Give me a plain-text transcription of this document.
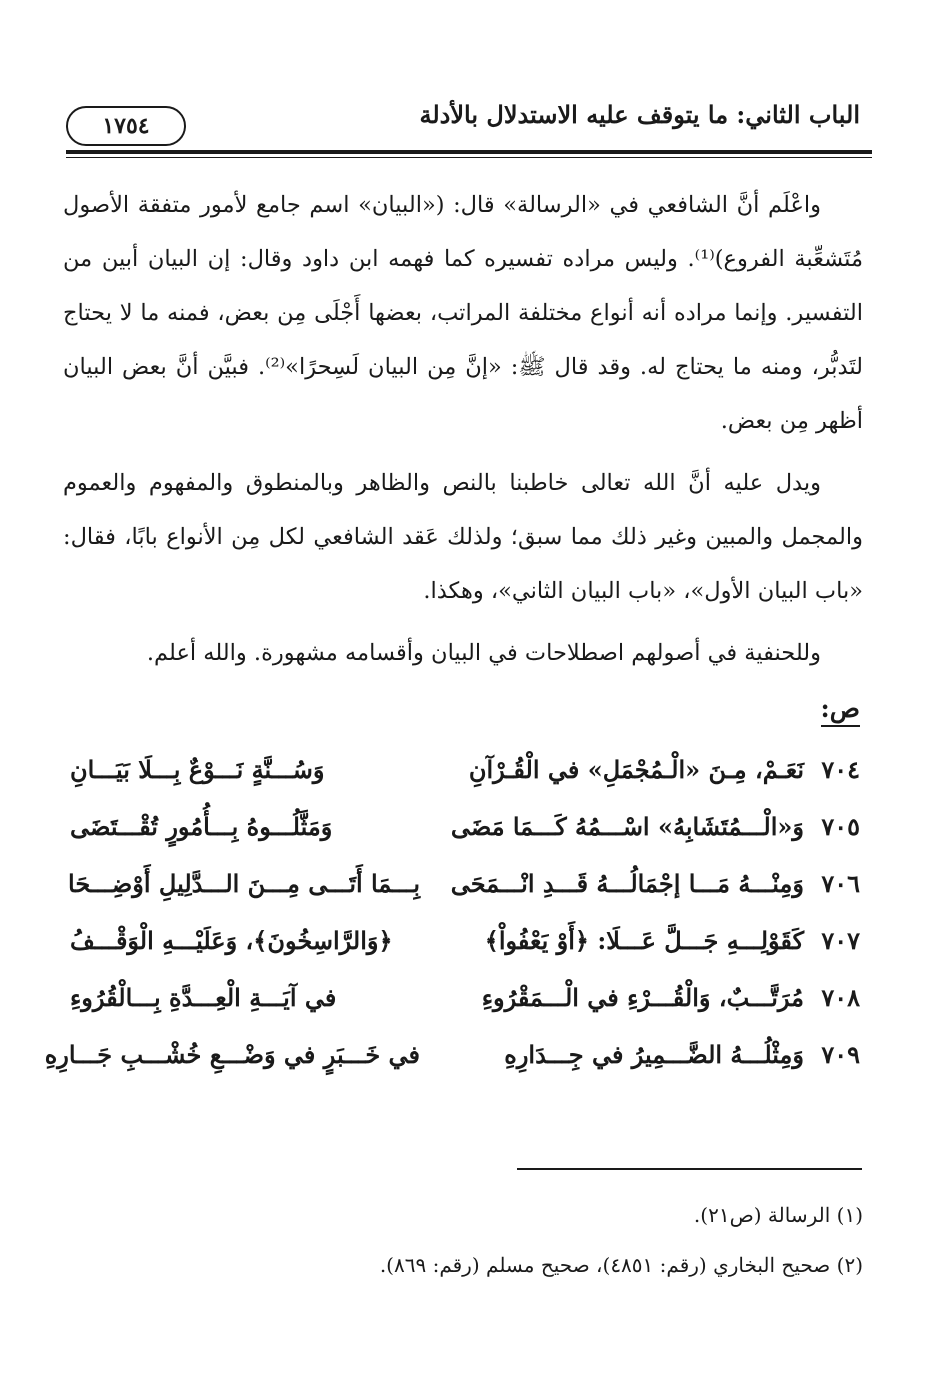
الباب الثاني: ما يتوقف عليه الاستدلال بالأدلة
١٧٥٤

واعْلَم أنَّ الشافعي في «الرسالة» قال: («البيان» اسم جامع لأمور متفقة الأصول مُتَشعِّبة الفروع)⁽¹⁾. وليس مراده تفسيره كما فهمه ابن داود وقال: إن البيان أبين من التفسير. وإنما مراده أنه أنواع مختلفة المراتب، بعضها أَجْلَى مِن بعض، فمنه ما لا يحتاج لتَدبُّر، ومنه ما يحتاج له. وقد قال ﷺ: «إنَّ مِن البيان لَسِحرًا»⁽²⁾. فبيَّن أنَّ بعض البيان أظهر مِن بعض.

ويدل عليه أنَّ الله تعالى خاطبنا بالنص والظاهر وبالمنطوق والمفهوم والعموم والمجمل والمبين وغير ذلك مما سبق؛ ولذلك عَقد الشافعي لكل مِن الأنواع بابًا، فقال: «باب البيان الأول»، «باب البيان الثاني»، وهكذا.

وللحنفية في أصولهم اصطلاحات في البيان وأقسامه مشهورة. والله أعلم.

ص:
٧٠٤
نَعَـمْ، مِـنَ «الْـمُجْمَلِ» في الْقُـرْآنِ
وَسُـــنَّةٍ نَـــوْعٌ بِـــلَا بَيَـــانِ
٧٠٥
وَ«الْـــمُتَشَابِهُ» اسْـــمُهُ كَـــمَا مَضَى
وَمَثَّلُـــوهُ بِـــأُمُورٍ تُقْـــتَضَى
٧٠٦
وَمِنْـــهُ مَـــا إجْمَالُـــهُ قَـــدِ انْـــمَحَى
بِـــمَا أَتَـــى مِـــنَ الـــدَّلِيلِ أَوْضِـــحَا
٧٠٧
كَقَوْلِـــهِ جَـــلَّ عَـــلَا: ﴿أَوْ يَعْفُواْ﴾
﴿وَالرَّاسِخُونَ﴾، وَعَلَيْـــهِ الْوَقْـــفُ
٧٠٨
مُرَتَّـــبٌ، وَالْقُـــرْءِ في الْـــمَقْرُوءِ
في آيَـــةِ الْعِـــدَّةِ بِـــالْقُرُوءِ
٧٠٩
وَمِثْلُـــهُ الضَّـــمِيرُ في جِـــدَارِهِ
في خَـــبَرٍ في وَضْـــعِ خُشْـــبِ جَـــارِهِ
(١) الرسالة (ص٢١).
(٢) صحيح البخاري (رقم: ٤٨٥١)، صحيح مسلم (رقم: ٨٦٩).
